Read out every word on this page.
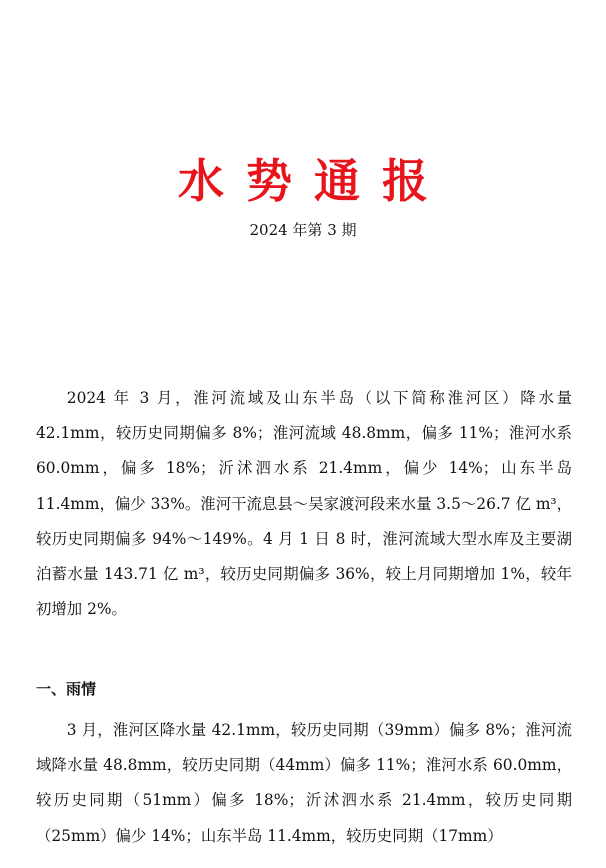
水势通报
2024 年第 3 期

2024 年 3 月，淮河流域及山东半岛（以下简称淮河区）降水量 42.1mm，较历史同期偏多 8%；淮河流域 48.8mm，偏多 11%；淮河水系 60.0mm，偏多 18%；沂沭泗水系 21.4mm，偏少 14%；山东半岛 11.4mm，偏少 33%。淮河干流息县～吴家渡河段来水量 3.5～26.7 亿 m³，较历史同期偏多 94%～149%。4 月 1 日 8 时，淮河流域大型水库及主要湖泊蓄水量 143.71 亿 m³，较历史同期偏多 36%，较上月同期增加 1%，较年初增加 2%。

一、雨情

3 月，淮河区降水量 42.1mm，较历史同期（39mm）偏多 8%；淮河流域降水量 48.8mm，较历史同期（44mm）偏多 11%；淮河水系 60.0mm，较历史同期（51mm）偏多 18%；沂沭泗水系 21.4mm，较历史同期（25mm）偏少 14%；山东半岛 11.4mm，较历史同期（17mm）
